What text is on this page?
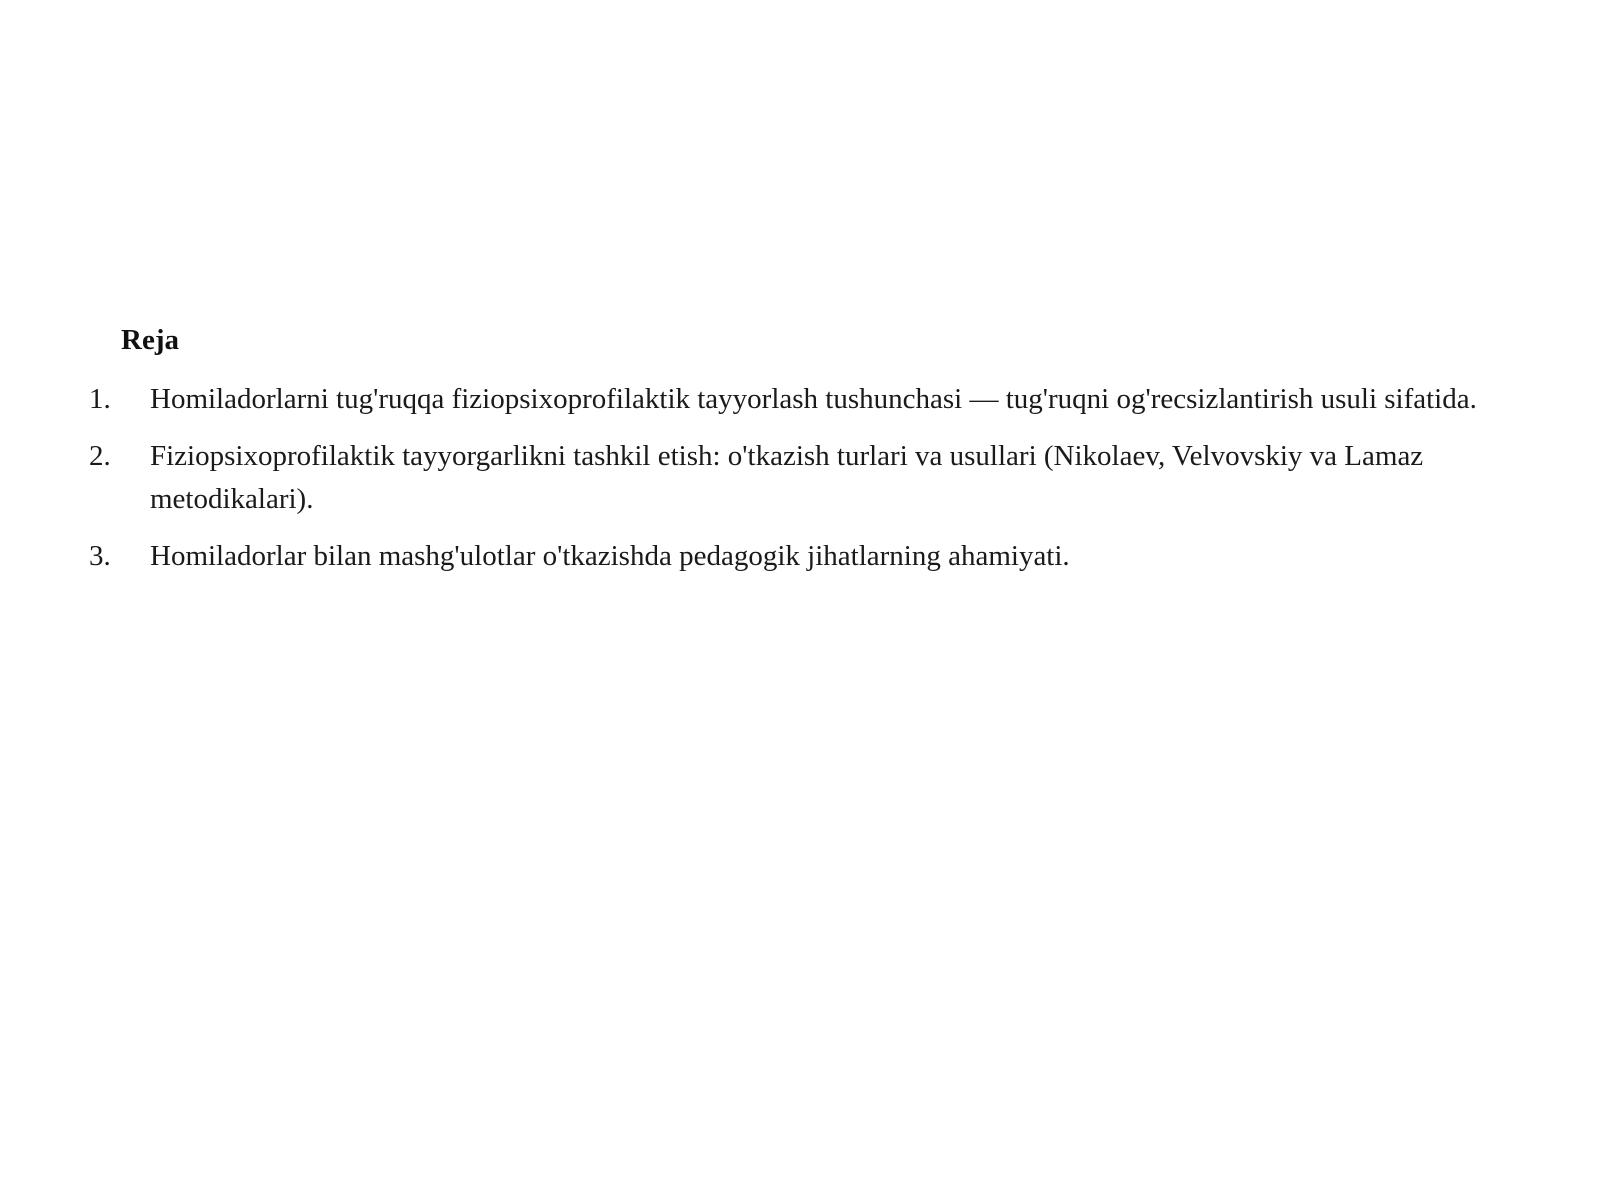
Reja
1. Homiladorlarni tug'ruqqa fiziopsixoprofilaktik tayyorlash tushunchasi — tug'ruqni og'recsizlantirish usuli sifatida.
2. Fiziopsixoprofilaktik tayyorgarlikni tashkil etish: o'tkazish turlari va usullari (Nikolaev, Velvovskiy va Lamaz metodikalari).
3. Homiladorlar bilan mashg'ulotlar o'tkazishda pedagogik jihatlarning ahamiyati.
